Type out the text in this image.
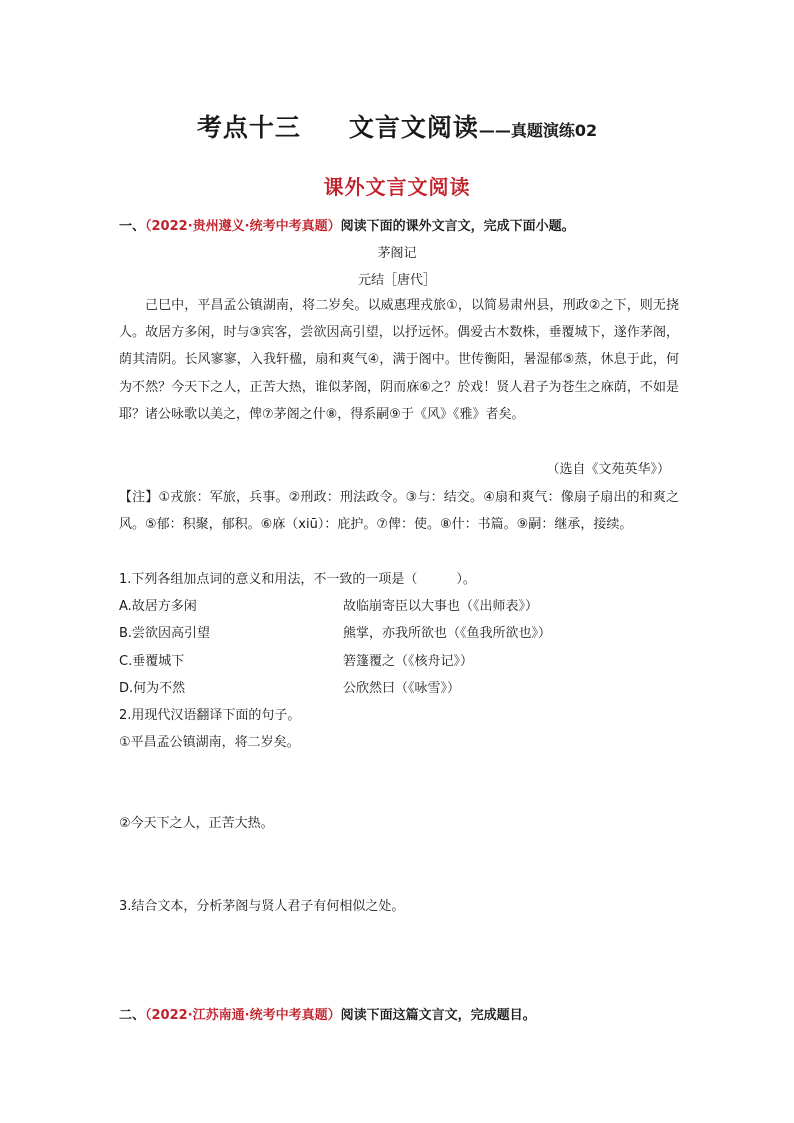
考点十三 文言文阅读——真题演练02
课外文言文阅读
一、（2022·贵州遵义·统考中考真题）阅读下面的课外文言文，完成下面小题。
茅阁记
元结［唐代］
己巳中，平昌孟公镇湖南，将二岁矣。以威惠理戎旅①，以简易肃州县，刑政②之下，则无挠人。故居方多闲，时与③宾客，尝欲因高引望，以抒远怀。偶爱古木数株，垂覆城下，遂作茅阁，荫其清阴。长风寥寥，入我轩楹，扇和爽气④，满于阁中。世传衡阳，暑湿郁⑤蒸，休息于此，何为不然？今天下之人，正苦大热，谁似茅阁，阴而庥⑥之？於戏！贤人君子为苍生之庥荫，不如是耶？诸公咏歌以美之，俾⑦茅阁之什⑧，得系嗣⑨于《风》《雅》者矣。
（选自《文苑英华》）
【注】①戎旅：军旅，兵事。②刑政：刑法政令。③与：结交。④扇和爽气：像扇子扇出的和爽之风。⑤郁：积聚，郁积。⑥庥（xiū）：庇护。⑦俾：使。⑧什：书篇。⑨嗣：继承，接续。
1.下列各组加点词的意义和用法，不一致的一项是（　　　）。
A.故居方多闲	故临崩寄臣以大事也（《出师表》）
B.尝欲因高引望	熊掌，亦我所欲也（《鱼我所欲也》）
C.垂覆城下	箬篷覆之（《核舟记》）
D.何为不然	公欣然曰（《咏雪》）
2.用现代汉语翻译下面的句子。
①平昌孟公镇湖南，将二岁矣。
②今天下之人，正苦大热。
3.结合文本，分析茅阁与贤人君子有何相似之处。
二、（2022·江苏南通·统考中考真题）阅读下面这篇文言文，完成题目。
